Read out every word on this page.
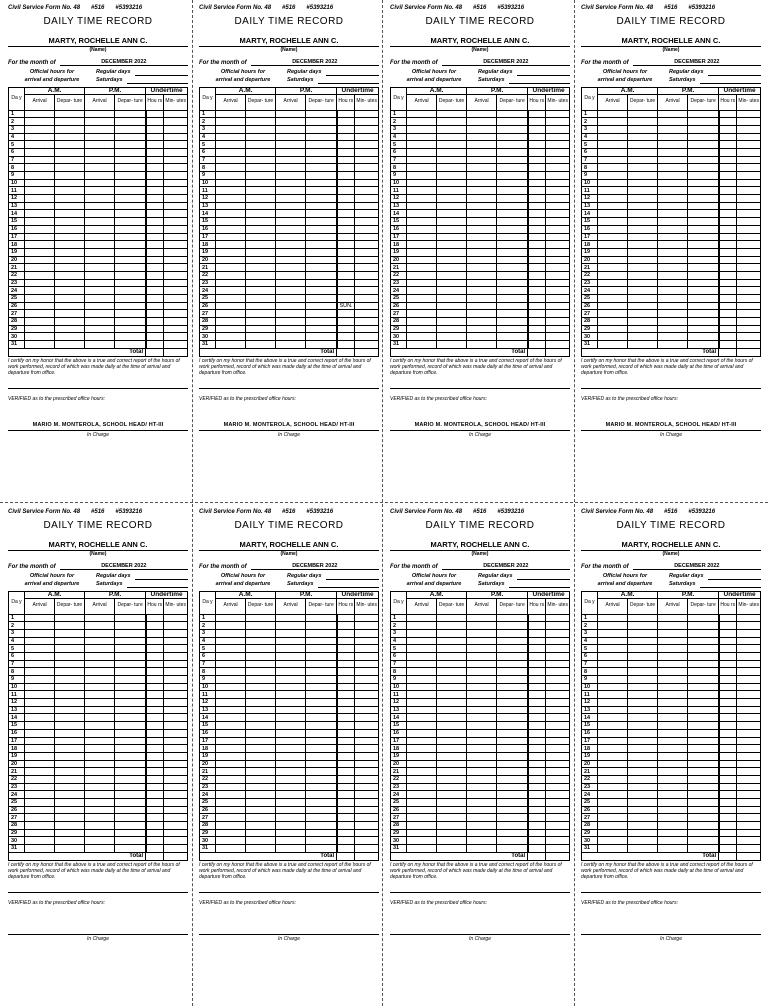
Civil Service Form No. 48 #516 #5393216
DAILY TIME RECORD
MARTY, ROCHELLE ANN C.
(Name)
For the month of	DECEMBER 2022
Official hours for
arrival and departure
Regular days
Saturdays
Da y	A.M.		P.M.		Undertime	
	Arrival	Depar- ture	Arrival	Depar- ture	Hou rs	Min- utes
1						
2						
3						
4						
5						
6						
7						
8						
9						
10						
11						
12						
13						
14						
15						
16						
17						
18						
19						
20						
21						
22						
23						
24						
25						
26						
27						
28						
29						
30						
31						
Total						
I certify on my honor that the above is a true and correct report of the hours of work performed, record of which was made daily at the time of arrival and departure from office.
VERIFIED as to the prescribed office hours:
MARIO M. MONTEROLA, SCHOOL HEAD/ HT-III
In Charge
Civil Service Form No. 48 #516 #5393216
DAILY TIME RECORD
MARTY, ROCHELLE ANN C.
(Name)
For the month of	DECEMBER 2022
Official hours for
arrival and departure
Regular days
Saturdays
Da y	A.M.		P.M.		Undertime	
	Arrival	Depar- ture	Arrival	Depar- ture	Hou rs	Min- utes
1						
2						
3						
4						
5						
6						
7						
8						
9						
10						
11						
12						
13						
14						
15						
16						
17						
18						
19						
20						
21						
22						
23						
24						
25						
26					SUN.	
27						
28						
29						
30						
31						
Total						
I certify on my honor that the above is a true and correct report of the hours of work performed, record of which was made daily at the time of arrival and departure from office.
VERIFIED as to the prescribed office hours:
MARIO M. MONTEROLA, SCHOOL HEAD/ HT-III
In Charge
Civil Service Form No. 48 #516 #5393216
DAILY TIME RECORD
MARTY, ROCHELLE ANN C.
(Name)
For the month of	DECEMBER 2022
Official hours for
arrival and departure
Regular days
Saturdays
Da y	A.M.		P.M.		Undertime	
	Arrival	Depar- ture	Arrival	Depar- ture	Hou rs	Min- utes
1						
2						
3						
4						
5						
6						
7						
8						
9						
10						
11						
12						
13						
14						
15						
16						
17						
18						
19						
20						
21						
22						
23						
24						
25						
26						
27						
28						
29						
30						
31						
Total						
I certify on my honor that the above is a true and correct report of the hours of work performed, record of which was made daily at the time of arrival and departure from office.
VERIFIED as to the prescribed office hours:
MARIO M. MONTEROLA, SCHOOL HEAD/ HT-III
In Charge
Civil Service Form No. 48 #516 #5393216
DAILY TIME RECORD
MARTY, ROCHELLE ANN C.
(Name)
For the month of	DECEMBER 2022
Official hours for
arrival and departure
Regular days
Saturdays
Da y	A.M.		P.M.		Undertime	
	Arrival	Depar- ture	Arrival	Depar- ture	Hou rs	Min- utes
1						
2						
3						
4						
5						
6						
7						
8						
9						
10						
11						
12						
13						
14						
15						
16						
17						
18						
19						
20						
21						
22						
23						
24						
25						
26						
27						
28						
29						
30						
31						
Total						
I certify on my honor that the above is a true and correct report of the hours of work performed, record of which was made daily at the time of arrival and departure from office.
VERIFIED as to the prescribed office hours:
MARIO M. MONTEROLA, SCHOOL HEAD/ HT-III
In Charge
Civil Service Form No. 48 #516 #5393216
DAILY TIME RECORD
MARTY, ROCHELLE ANN C.
(Name)
For the month of	DECEMBER 2022
Official hours for
arrival and departure
Regular days
Saturdays
Da y	A.M.		P.M.		Undertime	
	Arrival	Depar- ture	Arrival	Depar- ture	Hou rs	Min- utes
1						
2						
3						
4						
5						
6						
7						
8						
9						
10						
11						
12						
13						
14						
15						
16						
17						
18						
19						
20						
21						
22						
23						
24						
25						
26						
27						
28						
29						
30						
31						
Total						
I certify on my honor that the above is a true and correct report of the hours of work performed, record of which was made daily at the time of arrival and departure from office.
VERIFIED as to the prescribed office hours:
In Charge
Civil Service Form No. 48 #516 #5393216
DAILY TIME RECORD
MARTY, ROCHELLE ANN C.
(Name)
For the month of	DECEMBER 2022
Official hours for
arrival and departure
Regular days
Saturdays
Da y	A.M.		P.M.		Undertime	
	Arrival	Depar- ture	Arrival	Depar- ture	Hou rs	Min- utes
1						
2						
3						
4						
5						
6						
7						
8						
9						
10						
11						
12						
13						
14						
15						
16						
17						
18						
19						
20						
21						
22						
23						
24						
25						
26						
27						
28						
29						
30						
31						
Total						
I certify on my honor that the above is a true and correct report of the hours of work performed, record of which was made daily at the time of arrival and departure from office.
VERIFIED as to the prescribed office hours:
In Charge
Civil Service Form No. 48 #516 #5393216
DAILY TIME RECORD
MARTY, ROCHELLE ANN C.
(Name)
For the month of	DECEMBER 2022
Official hours for
arrival and departure
Regular days
Saturdays
Da y	A.M.		P.M.		Undertime	
	Arrival	Depar- ture	Arrival	Depar- ture	Hou rs	Min- utes
1						
2						
3						
4						
5						
6						
7						
8						
9						
10						
11						
12						
13						
14						
15						
16						
17						
18						
19						
20						
21						
22						
23						
24						
25						
26						
27						
28						
29						
30						
31						
Total						
I certify on my honor that the above is a true and correct report of the hours of work performed, record of which was made daily at the time of arrival and departure from office.
VERIFIED as to the prescribed office hours:
In Charge
Civil Service Form No. 48 #516 #5393216
DAILY TIME RECORD
MARTY, ROCHELLE ANN C.
(Name)
For the month of	DECEMBER 2022
Official hours for
arrival and departure
Regular days
Saturdays
Da y	A.M.		P.M.		Undertime	
	Arrival	Depar- ture	Arrival	Depar- ture	Hou rs	Min- utes
1						
2						
3						
4						
5						
6						
7						
8						
9						
10						
11						
12						
13						
14						
15						
16						
17						
18						
19						
20						
21						
22						
23						
24						
25						
26						
27						
28						
29						
30						
31						
Total						
I certify on my honor that the above is a true and correct report of the hours of work performed, record of which was made daily at the time of arrival and departure from office.
VERIFIED as to the prescribed office hours:
In Charge
